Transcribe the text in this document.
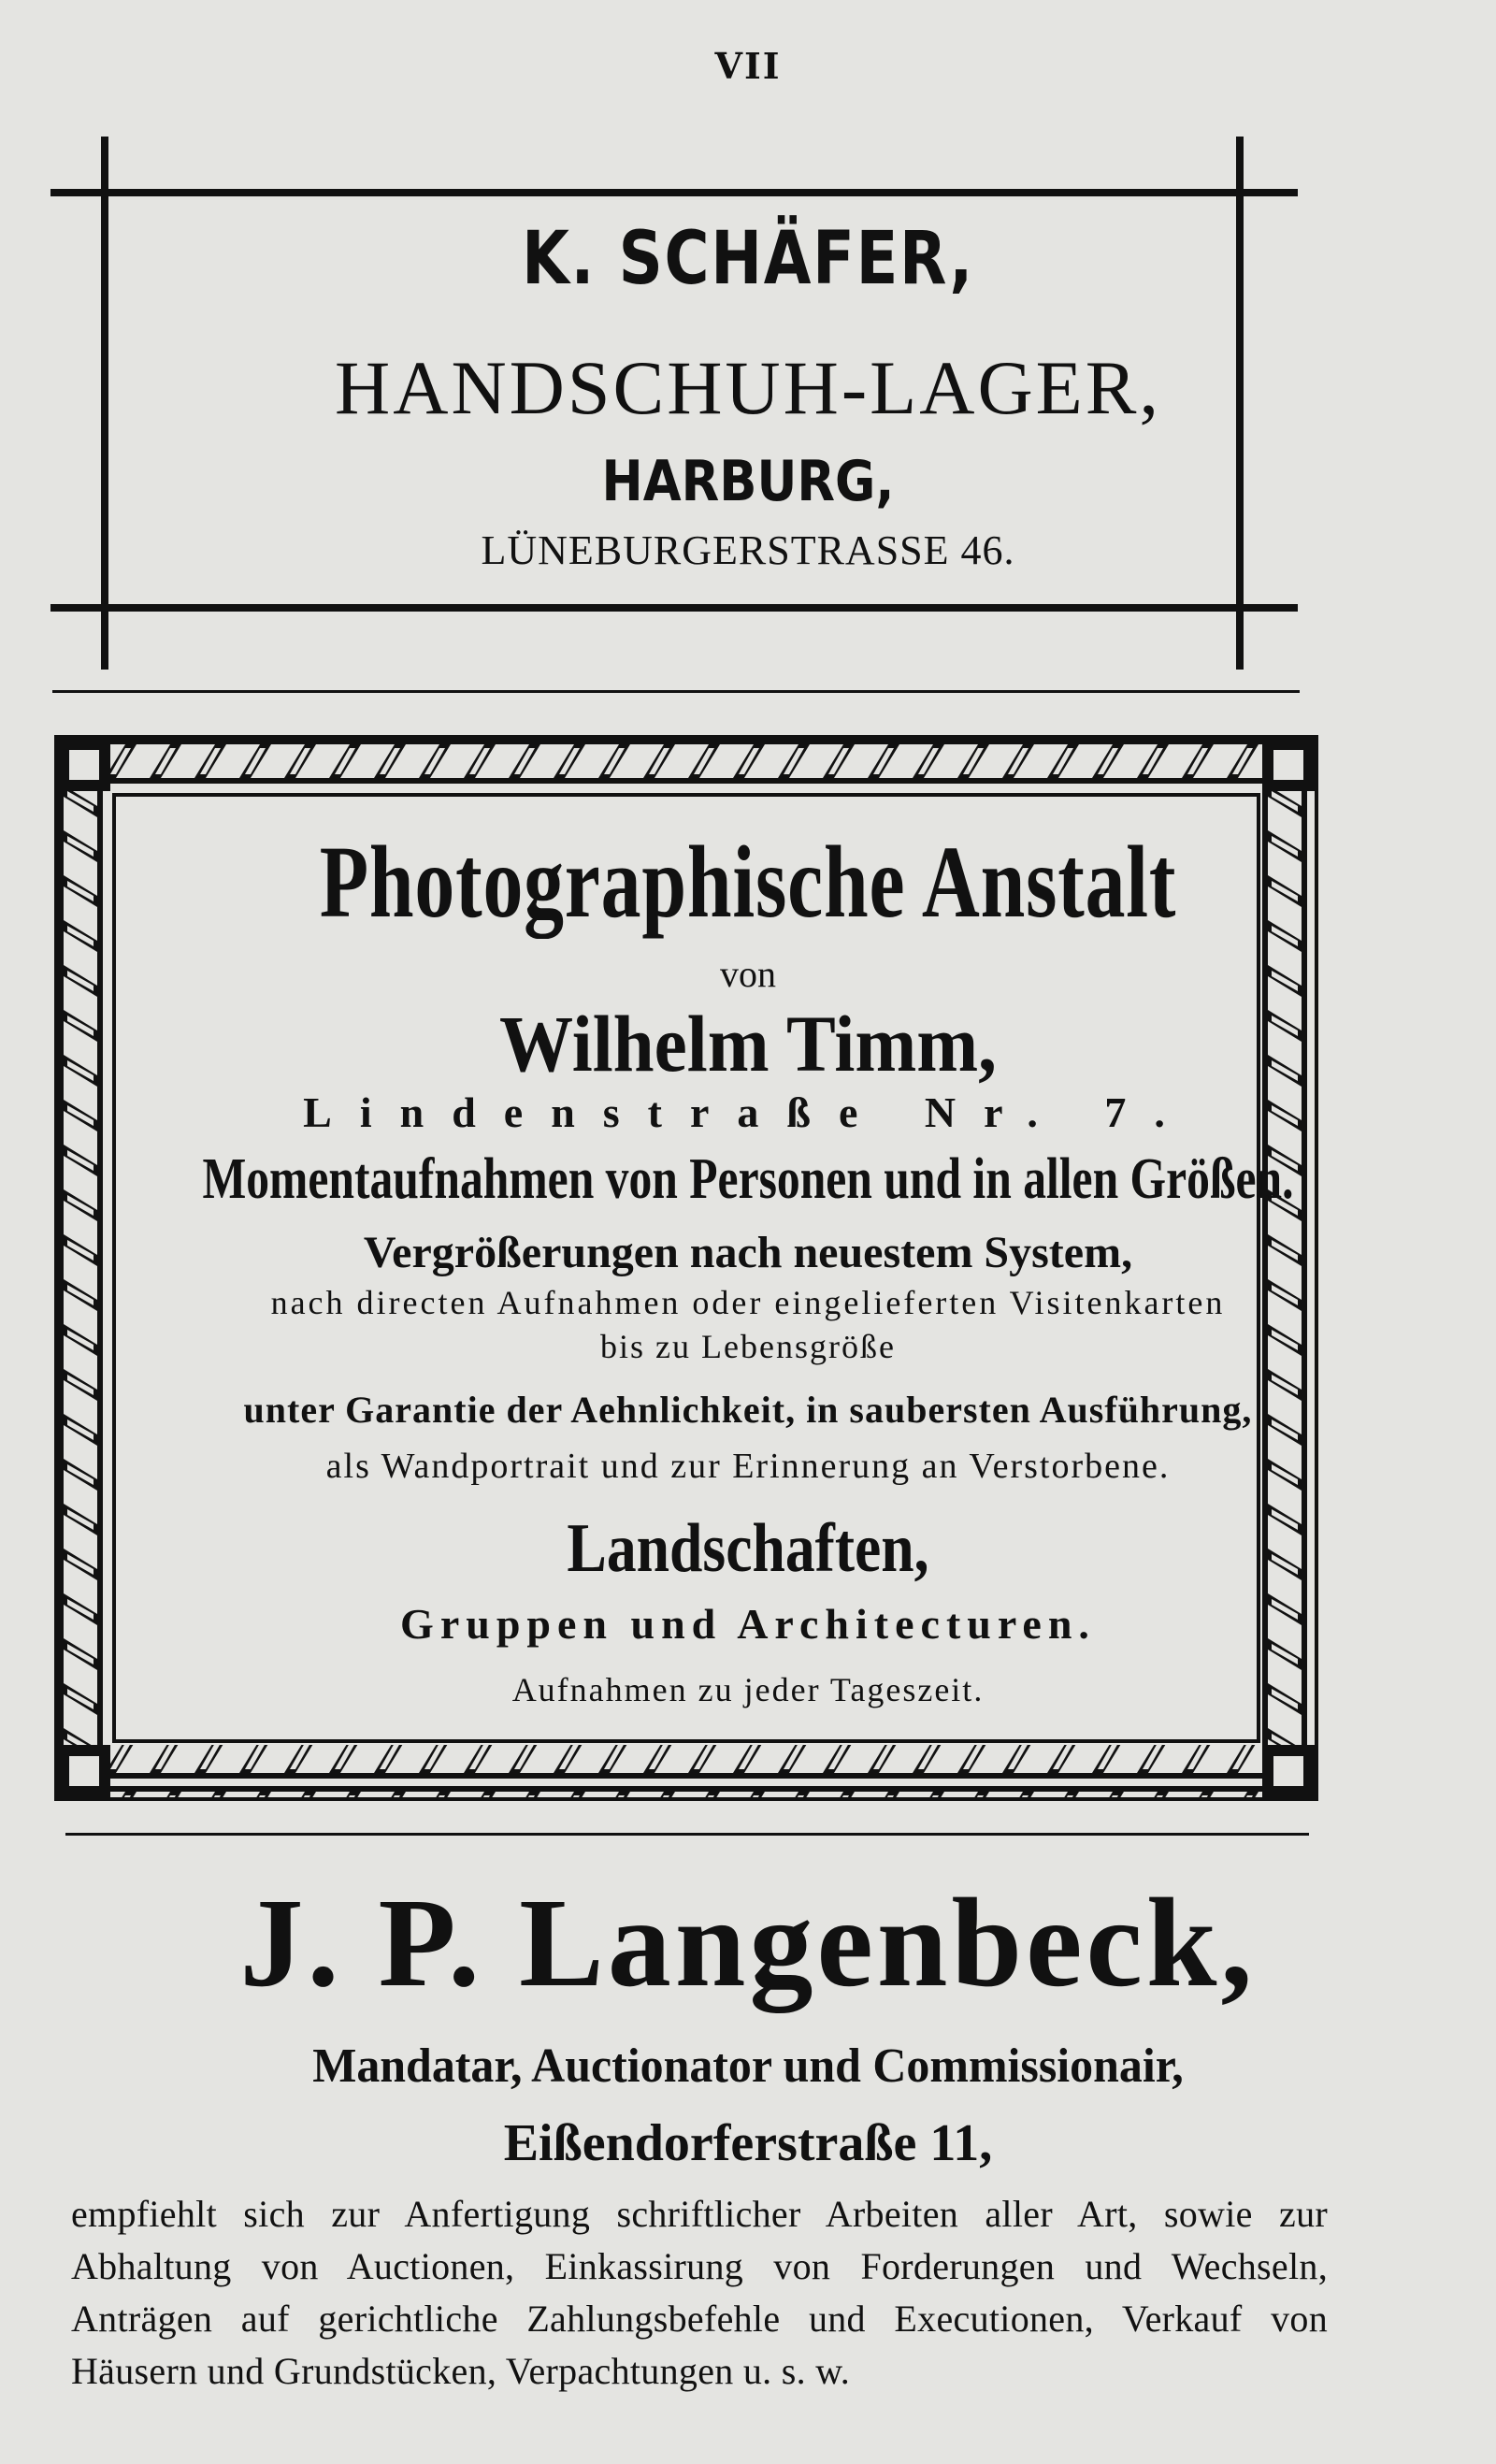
VII
K. SCHÄFER,
HANDSCHUH-LAGER,
HARBURG,
LÜNEBURGERSTRASSE 46.
Photographische Anstalt
von
Wilhelm Timm,
Lindenstraße Nr. 7.
Momentaufnahmen von Personen und in allen Größen.
Vergrößerungen nach neuestem System,
nach directen Aufnahmen oder eingelieferten Visitenkarten
bis zu Lebensgröße
unter Garantie der Aehnlichkeit, in saubersten Ausführung,
als Wandportrait und zur Erinnerung an Verstorbene.
Landschaften,
Gruppen und Architecturen.
Aufnahmen zu jeder Tageszeit.
J. P. Langenbeck,
Mandatar, Auctionator und Commissionair,
Eißendorferstraße 11,
empfiehlt sich zur Anfertigung schriftlicher Arbeiten aller Art, sowie zur Abhaltung von Auctionen, Einkassirung von Forderungen und Wechseln, Anträgen auf gerichtliche Zahlungsbefehle und Executionen, Verkauf von Häusern und Grundstücken, Verpachtungen u. s. w.
